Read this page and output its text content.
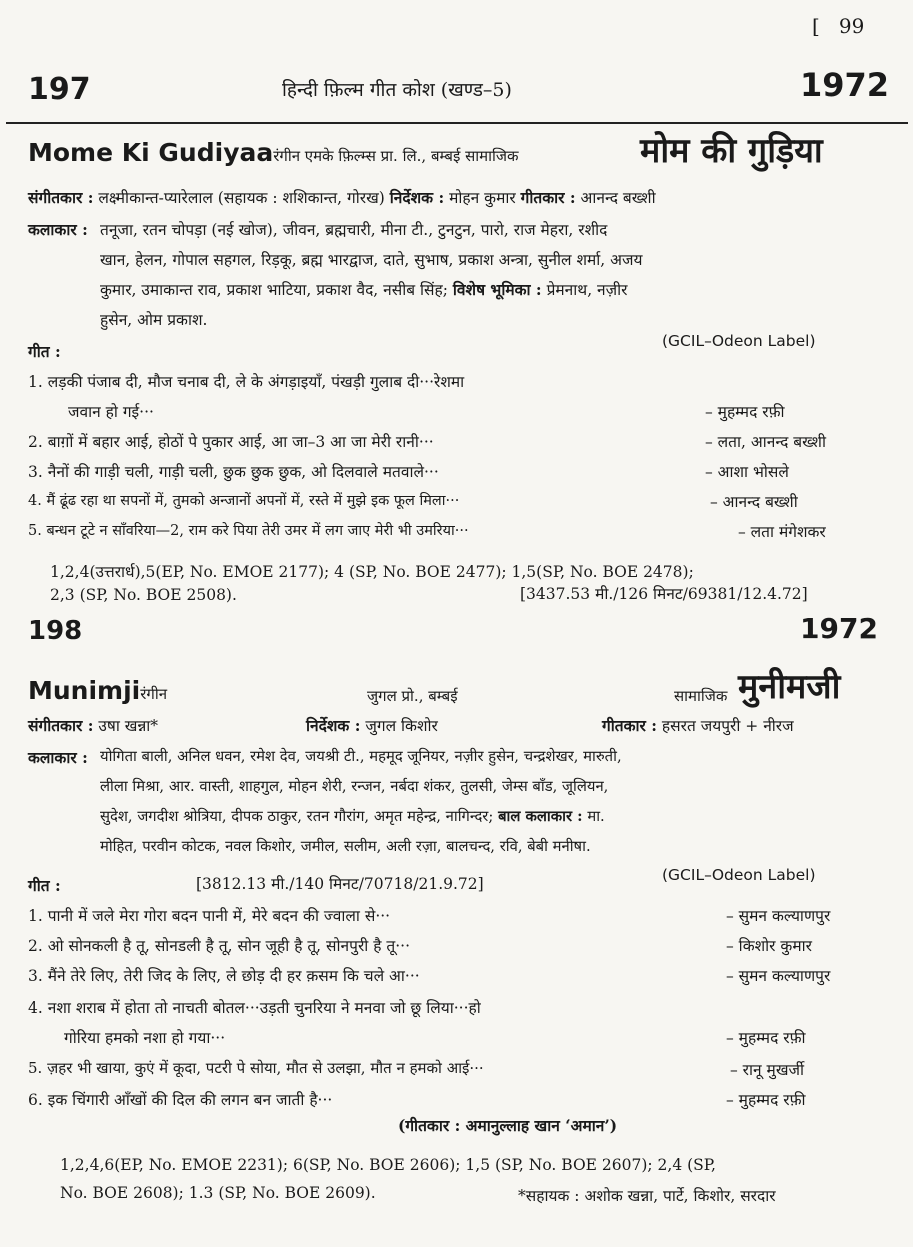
[ 99
197	हिन्दी फ़िल्म गीत कोश (खण्ड–5)	1972
Mome Ki Gudiyaaरंगीन एमके फ़िल्म्स प्रा. लि., बम्बई सामाजिक	मोम की गुड़िया
संगीतकार : लक्ष्मीकान्त-प्यारेलाल (सहायक : शशिकान्त, गोरख) निर्देशक : मोहन कुमार गीतकार : आनन्द बख्शी
कलाकार : तनूजा, रतन चोपड़ा (नई खोज), जीवन, ब्रह्मचारी, मीना टी., टुनटुन, पारो, राज मेहरा, रशीद
खान, हेलन, गोपाल सहगल, रिड़कू, ब्रह्म भारद्वाज, दाते, सुभाष, प्रकाश अन्त्रा, सुनील शर्मा, अजय
कुमार, उमाकान्त राव, प्रकाश भाटिया, प्रकाश वैद, नसीब सिंह; विशेष भूमिका : प्रेमनाथ, नज़ीर
हुसेन, ओम प्रकाश.
गीत :
(GCIL–Odeon Label)
1. लड़की पंजाब दी, मौज चनाब दी, ले के अंगड़ाइयाँ, पंखड़ी गुलाब दी···रेशमा
जवान हो गई···	– मुहम्मद रफ़ी
2. बाग़ों में बहार आई, होठों पे पुकार आई, आ जा–3 आ जा मेरी रानी···	– लता, आनन्द बख्शी
3. नैनों की गाड़ी चली, गाड़ी चली, छुक छुक छुक, ओ दिलवाले मतवाले···	– आशा भोसले
4. मैं ढूंढ रहा था सपनों में, तुमको अन्जानों अपनों में, रस्ते में मुझे इक फूल मिला···	– आनन्द बख्शी
5. बन्धन टूटे न साँवरिया—2, राम करे पिया तेरी उमर में लग जाए मेरी भी उमरिया···	– लता मंगेशकर
1,2,4(उत्तरार्ध),5(EP, No. EMOE 2177); 4 (SP, No. BOE 2477); 1,5(SP, No. BOE 2478);
2,3 (SP, No. BOE 2508).	[3437.53 मी./126 मिनट/69381/12.4.72]
198	1972
Munimjiरंगीन	जुगल प्रो., बम्बई	सामाजिक मुनीमजी
संगीतकार : उषा खन्ना*	निर्देशक : जुगल किशोर	गीतकार : हसरत जयपुरी + नीरज
कलाकार : योगिता बाली, अनिल धवन, रमेश देव, जयश्री टी., महमूद जूनियर, नज़ीर हुसेन, चन्द्रशेखर, मारुती,
लीला मिश्रा, आर. वास्ती, शाहगुल, मोहन शेरी, रन्जन, नर्बदा शंकर, तुलसी, जेम्स बाँड, जूलियन,
सुदेश, जगदीश श्रोत्रिया, दीपक ठाकुर, रतन गौरांग, अमृत महेन्द्र, नागिन्दर; बाल कलाकार : मा.
मोहित, परवीन कोटक, नवल किशोर, जमील, सलीम, अली रज़ा, बालचन्द, रवि, बेबी मनीषा.
गीत :	[3812.13 मी./140 मिनट/70718/21.9.72]	(GCIL–Odeon Label)
1. पानी में जले मेरा गोरा बदन पानी में, मेरे बदन की ज्वाला से···	– सुमन कल्याणपुर
2. ओ सोनकली है तू, सोनडली है तू, सोन जूही है तू, सोनपुरी है तू···	– किशोर कुमार
3. मैंने तेरे लिए, तेरी जिद के लिए, ले छोड़ दी हर क़सम कि चले आ···	– सुमन कल्याणपुर
4. नशा शराब में होता तो नाचती बोतल···उड़ती चुनरिया ने मनवा जो छू लिया···हो
गोरिया हमको नशा हो गया···	– मुहम्मद रफ़ी
5. ज़हर भी खाया, कुएं में कूदा, पटरी पे सोया, मौत से उलझा, मौत न हमको आई···	– रानू मुखर्जी
6. इक चिंगारी आँखों की दिल की लगन बन जाती है···	– मुहम्मद रफ़ी
(गीतकार : अमानुल्लाह खान ‘अमान’)
1,2,4,6(EP, No. EMOE 2231); 6(SP, No. BOE 2606); 1,5 (SP, No. BOE 2607); 2,4 (SP,
No. BOE 2608); 1.3 (SP, No. BOE 2609).	*सहायक : अशोक खन्ना, पार्टे, किशोर, सरदार
